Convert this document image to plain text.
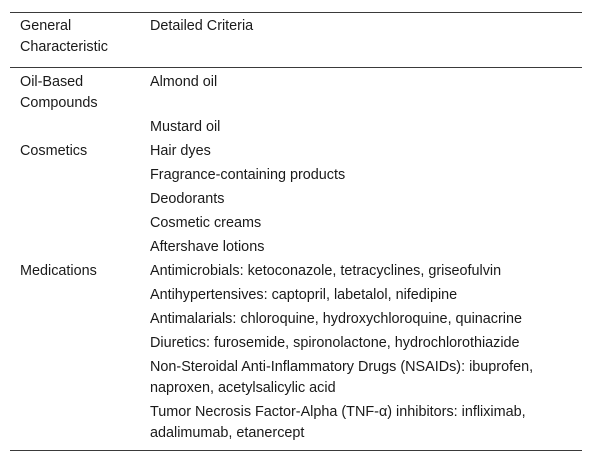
General Characteristic	Detailed Criteria
Oil-Based Compounds	Almond oil
	Mustard oil
Cosmetics	Hair dyes
	Fragrance-containing products
	Deodorants
	Cosmetic creams
	Aftershave lotions
Medications	Antimicrobials: ketoconazole, tetracyclines, griseofulvin
	Antihypertensives: captopril, labetalol, nifedipine
	Antimalarials: chloroquine, hydroxychloroquine, quinacrine
	Diuretics: furosemide, spironolactone, hydrochlorothiazide
	Non-Steroidal Anti-Inflammatory Drugs (NSAIDs): ibuprofen, naproxen, acetylsalicylic acid
	Tumor Necrosis Factor-Alpha (TNF-α) inhibitors: infliximab, adalimumab, etanercept
